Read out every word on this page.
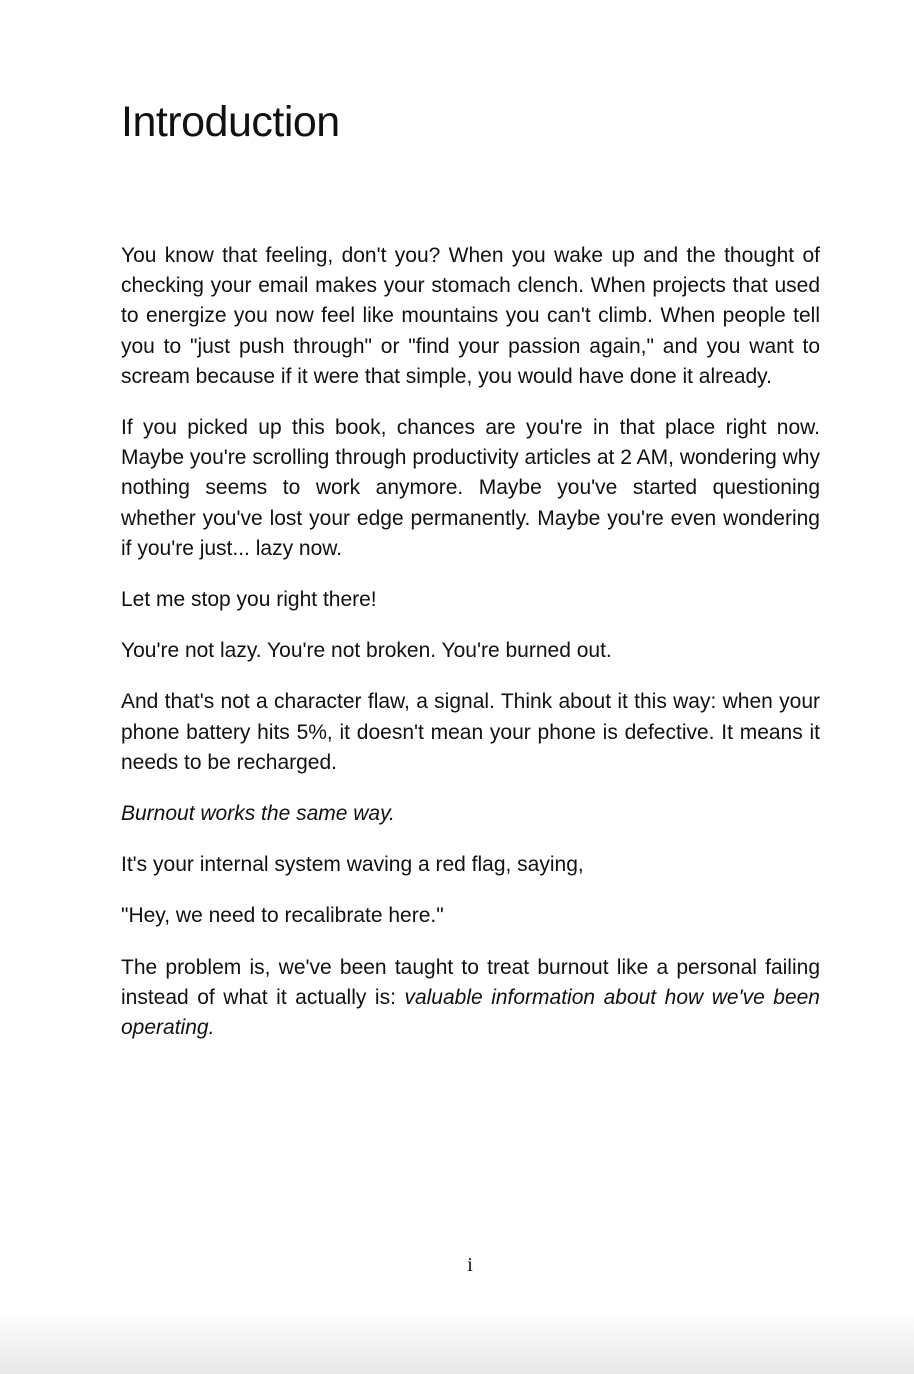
Introduction

You know that feeling, don't you? When you wake up and the thought of checking your email makes your stomach clench. When projects that used to energize you now feel like mountains you can't climb. When people tell you to "just push through" or "find your passion again," and you want to scream because if it were that simple, you would have done it already.

If you picked up this book, chances are you're in that place right now. Maybe you're scrolling through productivity articles at 2 AM, wondering why nothing seems to work anymore. Maybe you've started questioning whether you've lost your edge permanently. Maybe you're even wondering if you're just... lazy now.

Let me stop you right there!

You're not lazy. You're not broken. You're burned out.

And that's not a character flaw, a signal. Think about it this way: when your phone battery hits 5%, it doesn't mean your phone is defective. It means it needs to be recharged.

Burnout works the same way.

It's your internal system waving a red flag, saying,

"Hey, we need to recalibrate here."

The problem is, we've been taught to treat burnout like a personal failing instead of what it actually is: valuable information about how we've been operating.

i
